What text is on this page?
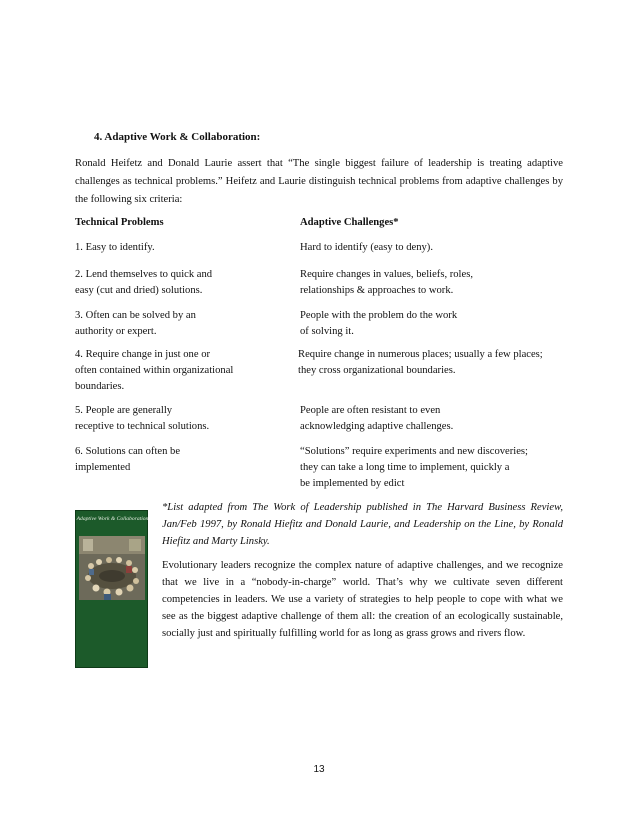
4. Adaptive Work & Collaboration:
Ronald Heifetz and Donald Laurie assert that “The single biggest failure of leadership is treating adaptive challenges as technical problems.” Heifetz and Laurie distinguish technical problems from adaptive challenges by the following six criteria:
Technical Problems	Adaptive Challenges*
1. Easy to identify.	Hard to identify (easy to deny).
2. Lend themselves to quick and
easy (cut and dried) solutions.
Require changes in values, beliefs, roles,
relationships & approaches to work.
3. Often can be solved by an
authority or expert.
People with the problem do the work
of solving it.
4. Require change in just one or
often contained within organizational
boundaries.
Require change in numerous places; usually a few places;
they cross organizational boundaries.
5. People are generally
receptive to technical solutions.
People are often resistant to even
acknowledging adaptive challenges.
6. Solutions can often be
implemented
“Solutions” require experiments and new discoveries;
they can take a long time to implement, quickly a
be implemented by edict
Adaptive Work & Collaboration
*List adapted from The Work of Leadership published in The Harvard Business Review, Jan/Feb 1997, by Ronald Hiefitz and Donald Laurie, and Leadership on the Line, by Ronald Hiefitz and Marty Linsky.
Evolutionary leaders recognize the complex nature of adaptive challenges, and we recognize that we live in a “nobody-in-charge” world. That’s why we cultivate seven different competencies in leaders. We use a variety of strategies to help people to cope with what we see as the biggest adaptive challenge of them all: the creation of an ecologically sustainable, socially just and spiritually fulfilling world for as long as grass grows and rivers flow.
13
